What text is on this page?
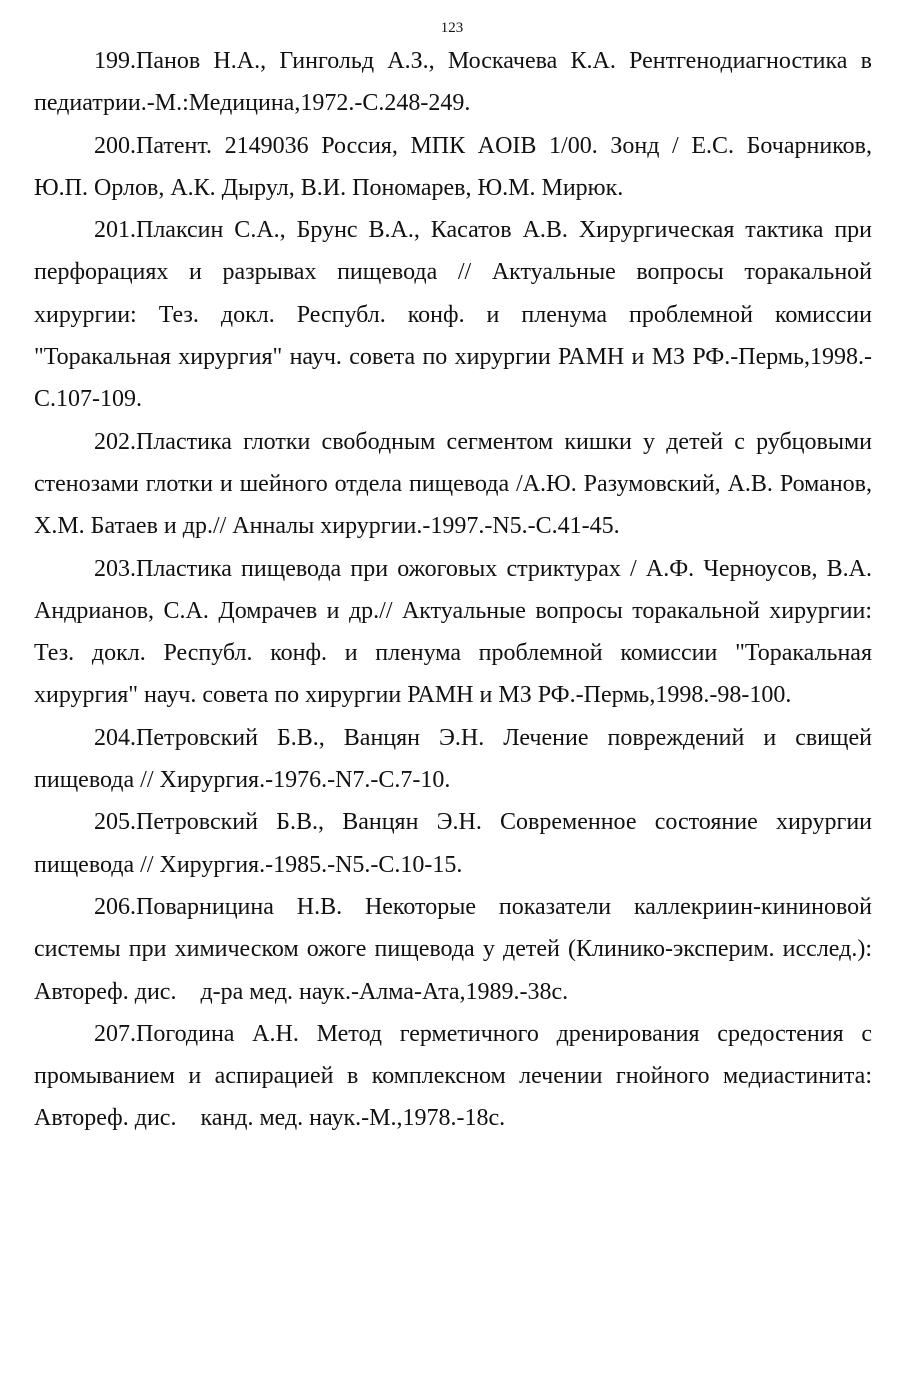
123

199.Панов Н.А., Гингольд А.З., Москачева К.А. Рентгенодиагностика в педиатрии.-М.:Медицина,1972.-С.248-249.

200.Патент. 2149036 Россия, МПК AOIB 1/00. Зонд / Е.С. Бочарников, Ю.П. Орлов, А.К. Дырул, В.И. Пономарев, Ю.М. Мирюк.

201.Плаксин С.А., Брунс В.А., Касатов А.В. Хирургическая тактика при перфорациях и разрывах пищевода // Актуальные вопросы торакальной хирургии: Тез. докл. Республ. конф. и пленума проблемной комиссии "Торакальная хирургия" науч. совета по хирургии РАМН и МЗ РФ.-Пермь,1998.-С.107-109.

202.Пластика глотки свободным сегментом кишки у детей с рубцовыми стенозами глотки и шейного отдела пищевода /А.Ю. Разумовский, А.В. Романов, Х.М. Батаев и др.// Анналы хирургии.-1997.-N5.-С.41-45.

203.Пластика пищевода при ожоговых стриктурах / А.Ф. Черноусов, В.А. Андрианов, С.А. Домрачев и др.// Актуальные вопросы торакальной хирургии: Тез. докл. Республ. конф. и пленума проблемной комиссии "Торакальная хирургия" науч. совета по хирургии РАМН и МЗ РФ.-Пермь,1998.-98-100.

204.Петровский Б.В., Ванцян Э.Н. Лечение повреждений и свищей пищевода // Хирургия.-1976.-N7.-С.7-10.

205.Петровский Б.В., Ванцян Э.Н. Современное состояние хирургии пищевода // Хирургия.-1985.-N5.-С.10-15.

206.Поварницина Н.В. Некоторые показатели каллекриин-кининовой системы при химическом ожоге пищевода у детей (Клинико-эксперим. исслед.): Автореф. дис.    д-ра мед. наук.-Алма-Ата,1989.-38с.

207.Погодина А.Н. Метод герметичного дренирования средостения с промыванием и аспирацией в комплексном лечении гнойного медиастинита: Автореф. дис.    канд. мед. наук.-М.,1978.-18с.
